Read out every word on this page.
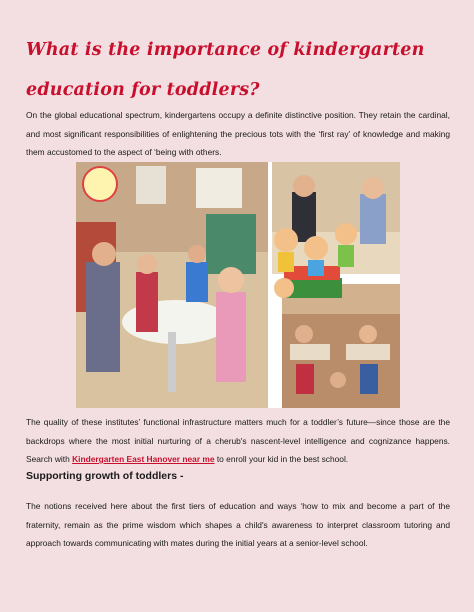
What is the importance of kindergarten education for toddlers?
On the global educational spectrum, kindergartens occupy a definite distinctive position. They retain the cardinal, and most significant responsibilities of enlightening the precious tots with the ‘first ray’ of knowledge and making them accustomed to the aspect of ‘being with others.
The quality of these institutes’ functional infrastructure matters much for a toddler’s future—since those are the backdrops where the most initial nurturing of a cherub's nascent-level intelligence and cognizance happens. Search with Kindergarten East Hanover near me to enroll your kid in the best school.
Supporting growth of toddlers -
The notions received here about the first tiers of education and ways ‘how to mix and become a part of the fraternity, remain as the prime wisdom which shapes a child's awareness to interpret classroom tutoring and approach towards communicating with mates during the initial years at a senior-level school.
